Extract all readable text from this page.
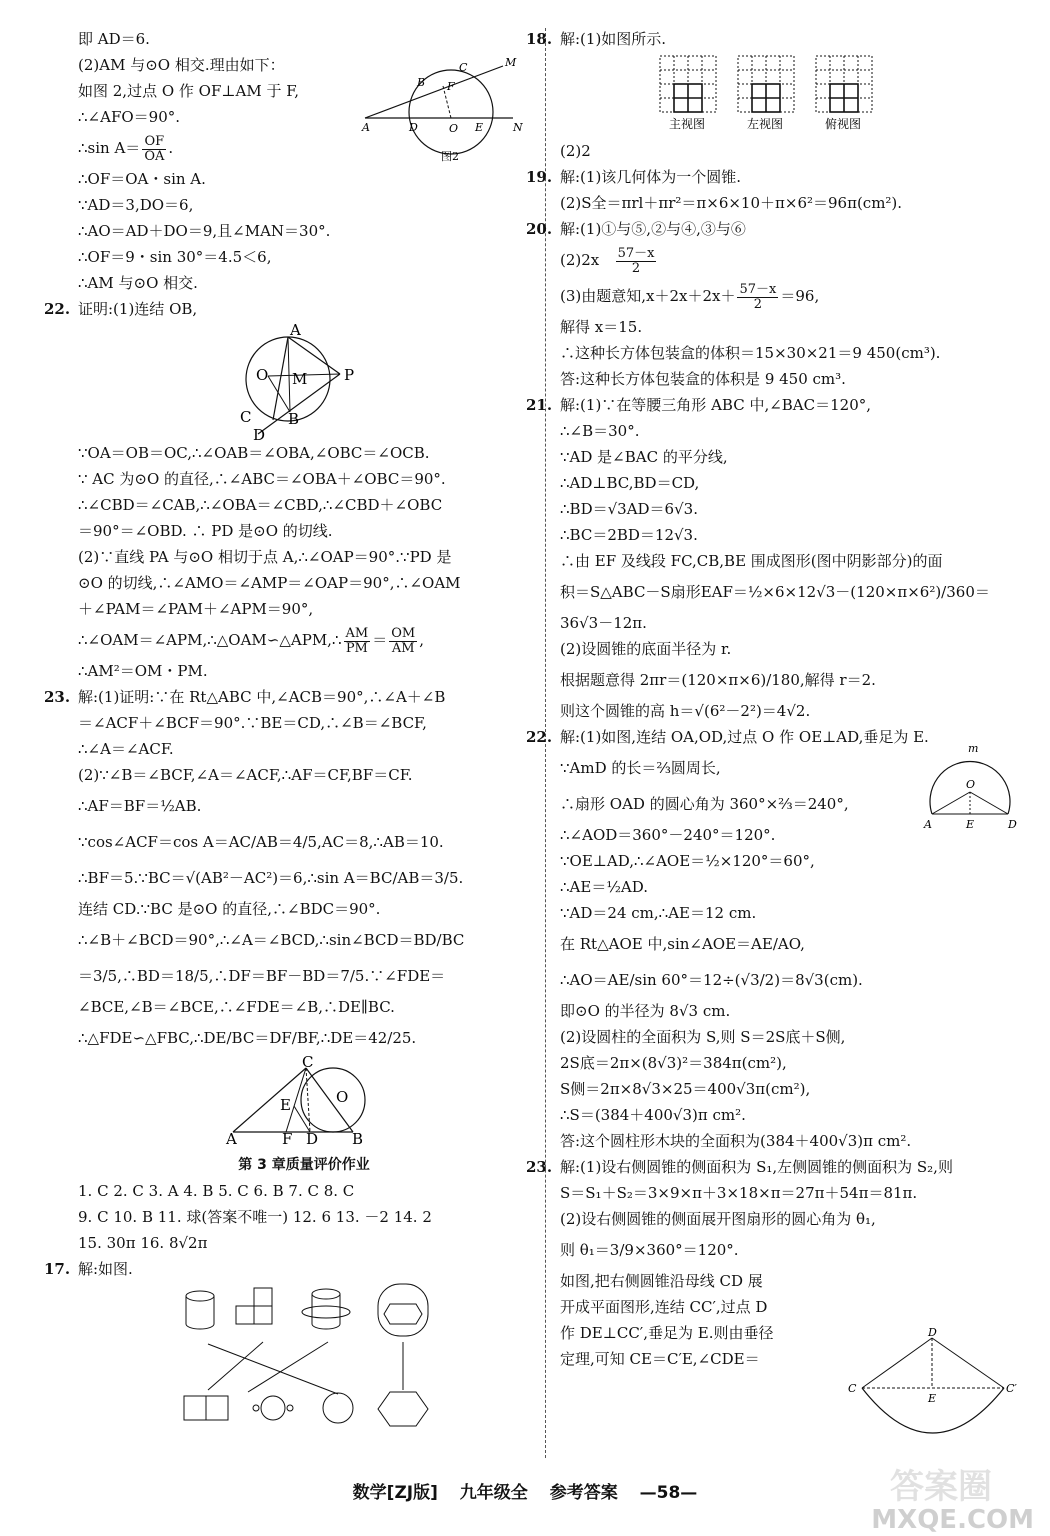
即 AD＝6.
(2)AM 与⊙O 相交.理由如下：
如图 2,过点 O 作 OF⊥AM 于 F,
∴∠AFO＝90°.
∴sin $A= \frac{OF}{OA}$ .
∴OF＝OA・sin A.
∵AD＝3,DO＝6,
∴AO＝AD＋DO＝9,且∠MAN＝30°.
∴OF＝9・sin 30°＝4.5＜6,
∴AM 与⊙O 相交.
A
B
C	M
F
D	O E	N
图2
22. 证明:(1)连结 OB,
A
O M P
C B
D
∵OA＝OB＝OC,∴∠OAB＝∠OBA,∠OBC＝∠OCB.
∵ AC 为⊙O 的直径,∴∠ABC＝∠OBA＋∠OBC＝90°.
∴∠CBD＝∠CAB,∴∠OBA＝∠CBD,∴∠CBD＋∠OBC
＝90°＝∠OBD. ∴ PD 是⊙O 的切线.
(2)∵直线 PA 与⊙O 相切于点 A,∴∠OAP＝90°.∵PD 是
⊙O 的切线,∴∠AMO＝∠AMP＝∠OAP＝90°,∴∠OAM
＋∠PAM＝∠PAM＋∠APM＝90°,
∴∠OAM＝∠APM,∴△OAM∽△APM,∴ $\frac{AM}{PM} = \frac{OM}{AM}$ ,
∴AM²＝OM・PM.
23. 解:(1)证明:∵在 Rt△ABC 中,∠ACB＝90°,∴∠A＋∠B
＝∠ACF＋∠BCF＝90°.∵BE＝CD,∴∠B＝∠BCF,
∴∠A＝∠ACF.
(2)∵∠B＝∠BCF,∠A＝∠ACF,∴AF＝CF,BF＝CF.
∴AF＝BF＝½AB.
∵cos∠ACF＝cos A＝AC/AB＝4/5,AC＝8,∴AB＝10.
∴BF＝5.∵BC＝√(AB²－AC²)＝6,∴sin A＝BC/AB＝3/5.
连结 CD.∵BC 是⊙O 的直径,∴∠BDC＝90°.
∴∠B＋∠BCD＝90°,∴∠A＝∠BCD,∴sin∠BCD＝BD/BC
＝3/5,∴BD＝18/5,∴DF＝BF－BD＝7/5.∵∠FDE＝
∠BCE,∠B＝∠BCE,∴∠FDE＝∠B,∴DE∥BC.
∴△FDE∽△FBC,∴DE/BC＝DF/BF,∴DE＝42/25.
C
E	O
A	F D B
第 3 章质量评价作业
1. C 2. C 3. A 4. B 5. C 6. B 7. C 8. C
9. C 10. B 11. 球(答案不唯一) 12. 6 13. －2 14. 2
15. 30π 16. 8√2π
17. 解:如图.
18. 解:(1)如图所示.
主视图	左视图	俯视图
(2)2
19. 解:(1)该几何体为一个圆锥.
(2)S全＝πrl＋πr²＝π×6×10＋π×6²＝96π(cm²).
20. 解:(1)①与⑤,②与④,③与⑥
$(2)2x \frac{57-x}{2}$
(3)由题意知$,x+2x+2x+ \frac{57-x}{2} =96$,
解得 x＝15.
∴这种长方体包装盒的体积＝15×30×21＝9 450(cm³).
答:这种长方体包装盒的体积是 9 450 cm³.
21. 解:(1)∵在等腰三角形 ABC 中,∠BAC＝120°,
∴∠B＝30°.
∵AD 是∠BAC 的平分线,
∴AD⊥BC,BD＝CD,
∴BD＝√3AD＝6√3.
∴BC＝2BD＝12√3.
∴由 EF 及线段 FC,CB,BE 围成图形(图中阴影部分)的面
积＝S△ABC－S扇形EAF＝½×6×12√3－(120×π×6²)/360＝
36√3－12π.
(2)设圆锥的底面半径为 r.
根据题意得 2πr＝(120×π×6)/180,解得 r＝2.
则这个圆锥的高 h＝√(6²－2²)＝4√2.
22. 解:(1)如图,连结 OA,OD,过点 O 作 OE⊥AD,垂足为 E.
∵AmD 的长＝⅔圆周长,
∴扇形 OAD 的圆心角为 360°×⅔＝240°,
∴∠AOD＝360°－240°＝120°.
∵OE⊥AD,∴∠AOE＝½×120°＝60°,
∴AE＝½AD.
∵AD＝24 cm,∴AE＝12 cm.
在 Rt△AOE 中,sin∠AOE＝AE/AO,
∴AO＝AE/sin 60°＝12÷(√3/2)＝8√3(cm).
即⊙O 的半径为 8√3 cm.
(2)设圆柱的全面积为 S,则 S＝2S底＋S侧,
2S底＝2π×(8√3)²＝384π(cm²),
S侧＝2π×8√3×25＝400√3π(cm²),
∴S＝(384＋400√3)π cm².
答:这个圆柱形木块的全面积为(384＋400√3)π cm².
m
O
A	E	D
23. 解:(1)设右侧圆锥的侧面积为 S₁,左侧圆锥的侧面积为 S₂,则
S＝S₁＋S₂＝3×9×π＋3×18×π＝27π＋54π＝81π.
(2)设右侧圆锥的侧面展开图扇形的圆心角为 θ₁,
则 θ₁＝3/9×360°＝120°.
如图,把右侧圆锥沿母线 CD 展
开成平面图形,连结 CC′,过点 D
作 DE⊥CC′,垂足为 E.则由垂径
定理,可知 CE＝C′E,∠CDE＝
D
C
E
C′
数学[ZJ版] 九年级全 参考答案 —58—	答案圈
MXQE.COM
